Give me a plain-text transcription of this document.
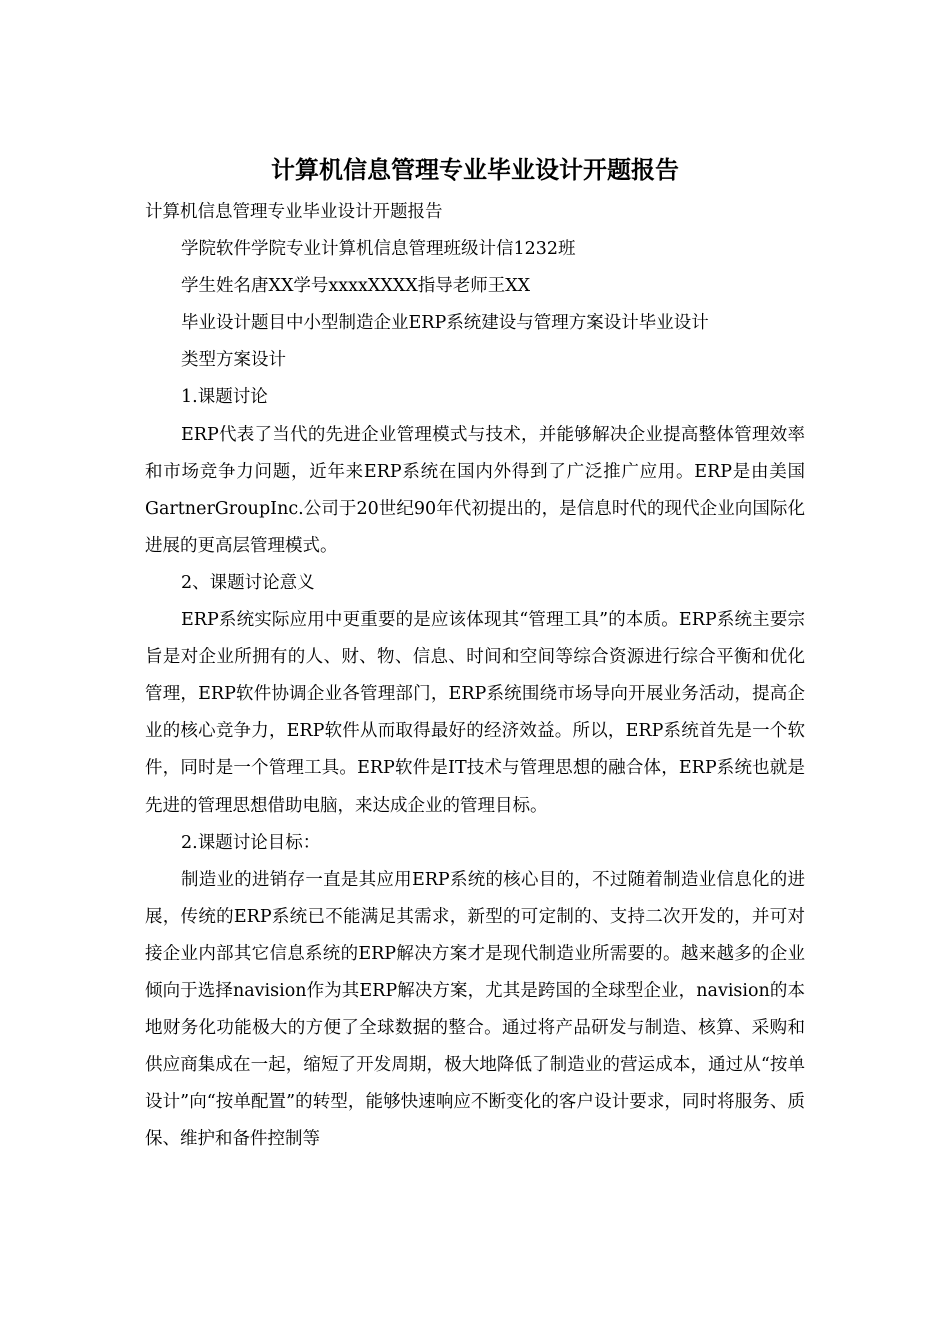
计算机信息管理专业毕业设计开题报告

计算机信息管理专业毕业设计开题报告

学院软件学院专业计算机信息管理班级计信1232班

学生姓名唐XX学号xxxxXXXX指导老师王XX

毕业设计题目中小型制造企业ERP系统建设与管理方案设计毕业设计

类型方案设计

1.课题讨论

ERP代表了当代的先进企业管理模式与技术，并能够解决企业提高整体管理效率和市场竞争力问题，近年来ERP系统在国内外得到了广泛推广应用。ERP是由美国GartnerGroupInc.公司于20世纪90年代初提出的，是信息时代的现代企业向国际化进展的更高层管理模式。

2、课题讨论意义

ERP系统实际应用中更重要的是应该体现其“管理工具”的本质。ERP系统主要宗旨是对企业所拥有的人、财、物、信息、时间和空间等综合资源进行综合平衡和优化管理，ERP软件协调企业各管理部门，ERP系统围绕市场导向开展业务活动，提高企业的核心竞争力，ERP软件从而取得最好的经济效益。所以，ERP系统首先是一个软件，同时是一个管理工具。ERP软件是IT技术与管理思想的融合体，ERP系统也就是先进的管理思想借助电脑，来达成企业的管理目标。

2.课题讨论目标：

制造业的进销存一直是其应用ERP系统的核心目的，不过随着制造业信息化的进展，传统的ERP系统已不能满足其需求，新型的可定制的、支持二次开发的，并可对接企业内部其它信息系统的ERP解决方案才是现代制造业所需要的。越来越多的企业倾向于选择navision作为其ERP解决方案，尤其是跨国的全球型企业，navision的本地财务化功能极大的方便了全球数据的整合。通过将产品研发与制造、核算、采购和供应商集成在一起，缩短了开发周期，极大地降低了制造业的营运成本，通过从“按单设计”向“按单配置”的转型，能够快速响应不断变化的客户设计要求，同时将服务、质保、维护和备件控制等
